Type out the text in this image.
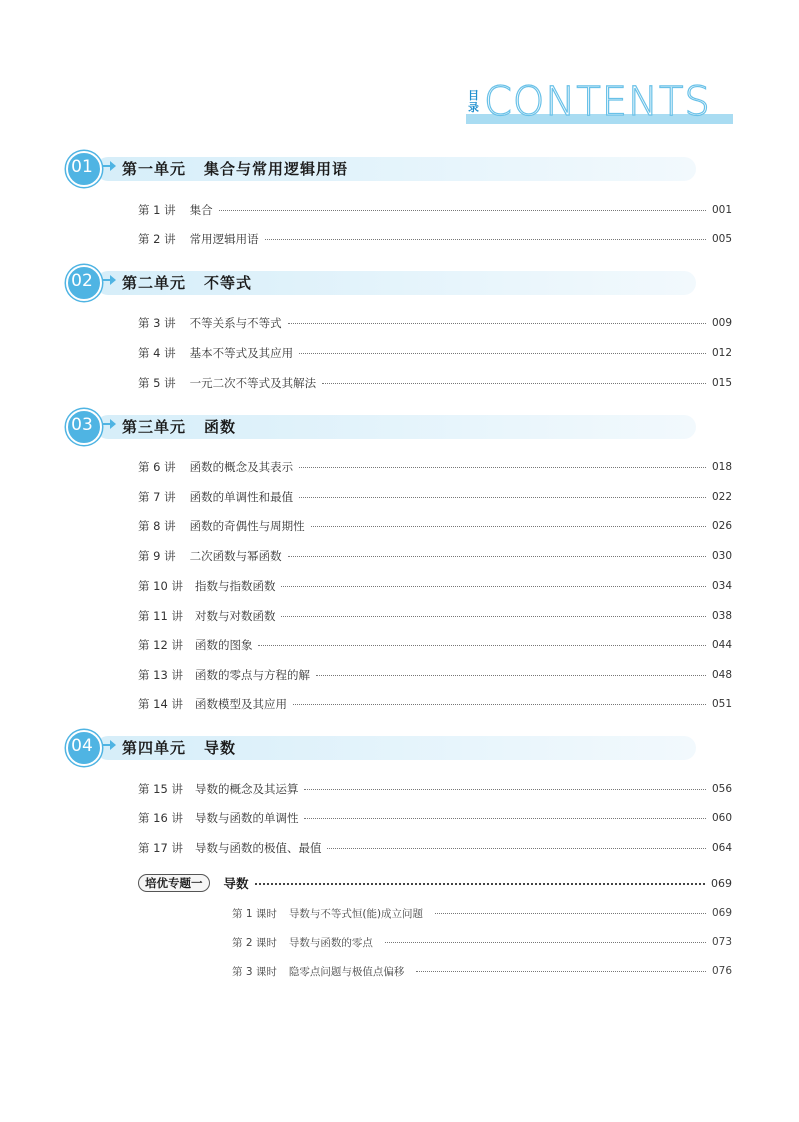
目录 CONTENTS
01	第一单元 集合与常用逻辑用语
第 1 讲 集合	001
第 2 讲 常用逻辑用语	005
02	第二单元 不等式
第 3 讲 不等关系与不等式	009
第 4 讲 基本不等式及其应用	012
第 5 讲 一元二次不等式及其解法	015
03	第三单元 函数
第 6 讲 函数的概念及其表示	018
第 7 讲 函数的单调性和最值	022
第 8 讲 函数的奇偶性与周期性	026
第 9 讲 二次函数与幂函数	030
第 10 讲 指数与指数函数	034
第 11 讲 对数与对数函数	038
第 12 讲 函数的图象	044
第 13 讲 函数的零点与方程的解	048
第 14 讲 函数模型及其应用	051
04	第四单元 导数
第 15 讲 导数的概念及其运算	056
第 16 讲 导数与函数的单调性	060
第 17 讲 导数与函数的极值、最值	064
培优专题一	导数	069
第 1 课时 导数与不等式恒(能)成立问题	069
第 2 课时 导数与函数的零点	073
第 3 课时 隐零点问题与极值点偏移	076
